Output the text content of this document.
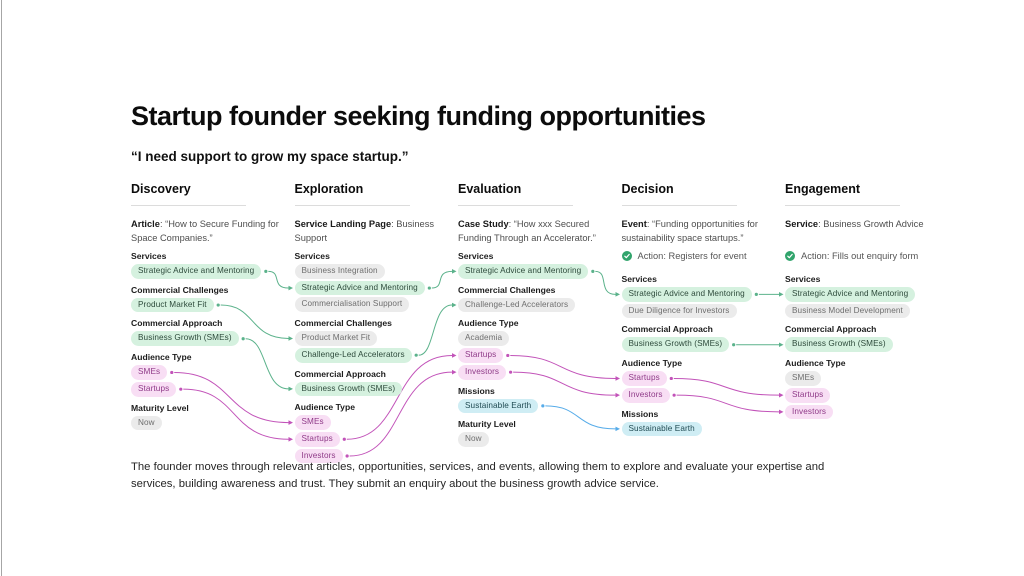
Startup founder seeking funding opportunities
“I need support to grow my space startup.”
Discovery

Article: “How to Secure Funding for Space Companies.”

Services

Strategic Advice and Mentoring

Commercial Challenges

Product Market Fit

Commercial Approach

Business Growth (SMEs)

Audience Type

SMEs
Startups

Maturity Level

Now
Exploration

Service Landing Page: Business Support

Services

Business Integration
Strategic Advice and Mentoring
Commercialisation Support

Commercial Challenges

Product Market Fit
Challenge-Led Accelerators

Commercial Approach

Business Growth (SMEs)

Audience Type

SMEs
Startups
Investors
Evaluation

Case Study: “How xxx Secured Funding Through an Accelerator.”

Services

Strategic Advice and Mentoring

Commercial Challenges

Challenge-Led Accelerators

Audience Type

Academia
Startups
Investors

Missions

Sustainable Earth

Maturity Level

Now
Decision

Event: “Funding opportunities for sustainability space startups.”

Action: Registers for event

Services

Strategic Advice and Mentoring
Due Diligence for Investors

Commercial Approach

Business Growth (SMEs)

Audience Type

Startups
Investors

Missions

Sustainable Earth
Engagement

Service: Business Growth Advice

Action: Fills out enquiry form

Services

Strategic Advice and Mentoring
Business Model Development

Commercial Approach

Business Growth (SMEs)

Audience Type

SMEs
Startups
Investors

The founder moves through relevant articles, opportunities, services, and events, allowing them to explore and evaluate your expertise and services, building awareness and trust. They submit an enquiry about the business growth advice service.
